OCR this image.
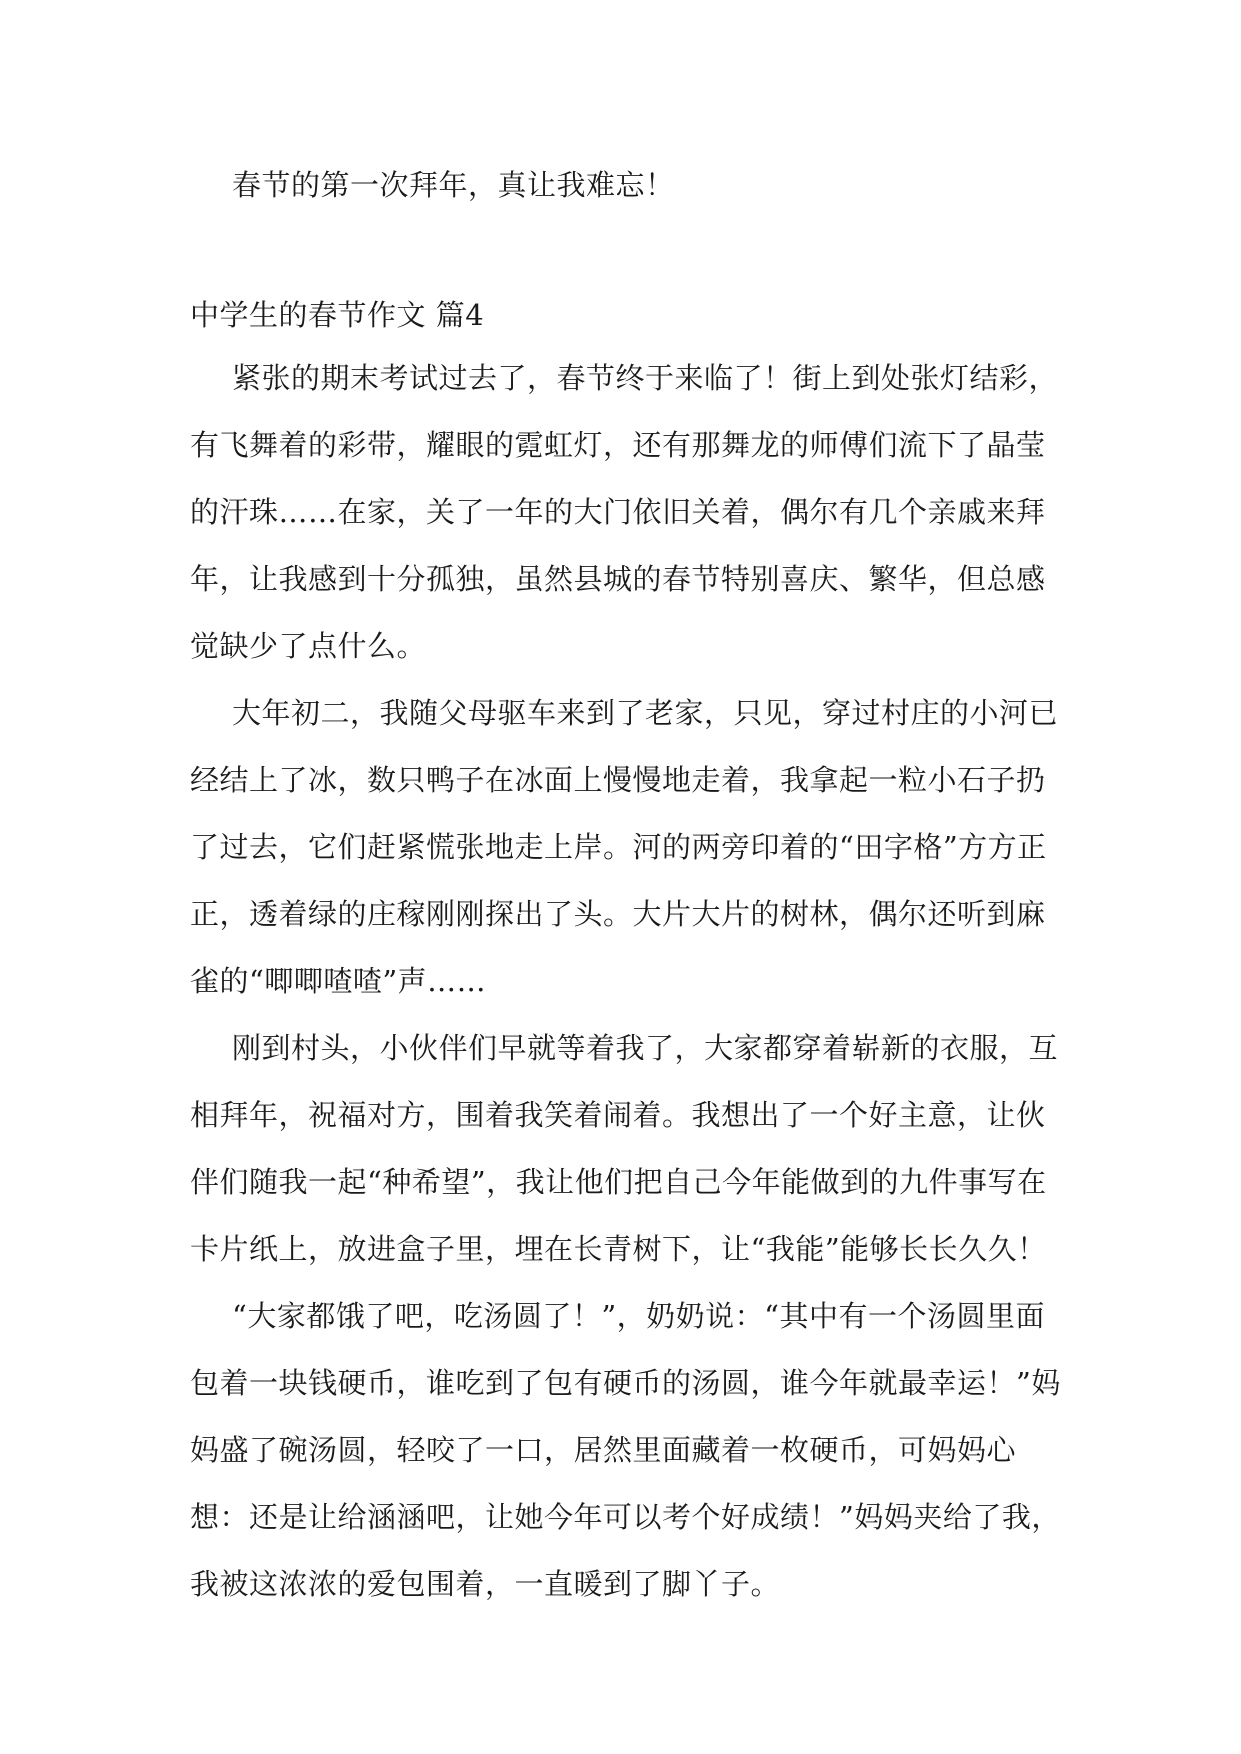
春节的第一次拜年，真让我难忘！

中学生的春节作文 篇4

紧张的期末考试过去了，春节终于来临了！街上到处张灯结彩，有飞舞着的彩带，耀眼的霓虹灯，还有那舞龙的师傅们流下了晶莹的汗珠……在家，关了一年的大门依旧关着，偶尔有几个亲戚来拜年，让我感到十分孤独，虽然县城的春节特别喜庆、繁华，但总感觉缺少了点什么。

大年初二，我随父母驱车来到了老家，只见，穿过村庄的小河已经结上了冰，数只鸭子在冰面上慢慢地走着，我拿起一粒小石子扔了过去，它们赶紧慌张地走上岸。河的两旁印着的“田字格”方方正正，透着绿的庄稼刚刚探出了头。大片大片的树林，偶尔还听到麻雀的“唧唧喳喳”声……

刚到村头，小伙伴们早就等着我了，大家都穿着崭新的衣服，互相拜年，祝福对方，围着我笑着闹着。我想出了一个好主意，让伙伴们随我一起“种希望”，我让他们把自己今年能做到的九件事写在卡片纸上，放进盒子里，埋在长青树下，让“我能”能够长长久久！

“大家都饿了吧，吃汤圆了！”，奶奶说：“其中有一个汤圆里面包着一块钱硬币，谁吃到了包有硬币的汤圆，谁今年就最幸运！”妈妈盛了碗汤圆，轻咬了一口，居然里面藏着一枚硬币，可妈妈心想：还是让给涵涵吧，让她今年可以考个好成绩！”妈妈夹给了我，我被这浓浓的爱包围着，一直暖到了脚丫子。
